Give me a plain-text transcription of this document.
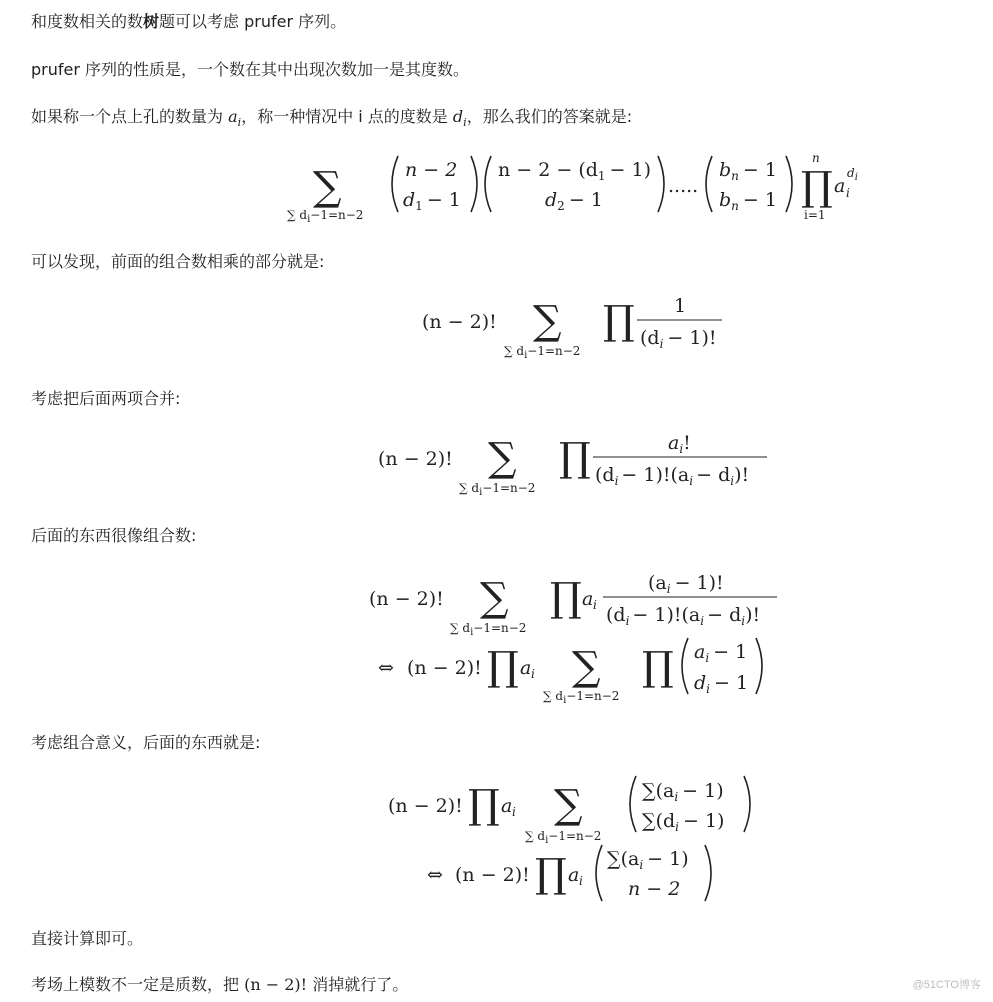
和度数相关的数树题可以考虑 prufer 序列。
prufer 序列的性质是，一个数在其中出现次数加一是其度数。
如果称一个点上孔的数量为 $a_i$，称一种情况中 i 点的度数是 $d_i$，那么我们的答案就是:
可以发现，前面的组合数相乘的部分就是:
考虑把后面两项合并:
后面的东西很像组合数:
考虑组合意义，后面的东西就是:
直接计算即可。
考场上模数不一定是质数，把 (n − 2)! 消掉就行了。
∑
∑ $d_i-1=n-2$
n − 2
$d_1 - 1$
$n - 2 - (d_1 - 1)$
$d_2 - 1$
.....
$b_n - 1$
$b_n - 1$
n
∏
i=1
a
$d_i$
i
(n − 2)! ∑
∑ $d_i-1=n-2$
∏ 1
$(d_i - 1)$!
(n − 2)! ∑
∑ $d_i-1=n-2$
∏	$a_i$!
$(d_i - 1)!(a_i - d_i)$!
(n − 2)! ∑
∑ $d_i-1=n-2$
∏ a i
$(a_i - 1)$!
$(d_i - 1)!(a_i - d_i)$!
⇔ (n − 2)! ∏ a i ∑
∑ $d_i-1=n-2$
∏ $a_i - 1$
$d_i - 1$
(n − 2)! ∏ a i ∑
∑ $d_i-1=n-2$
$\sum(a_i - 1)$
$\sum(d_i - 1)$
⇔ (n − 2)! ∏ a i
$\sum(a_i - 1)$
n − 2
@51CTO博客
